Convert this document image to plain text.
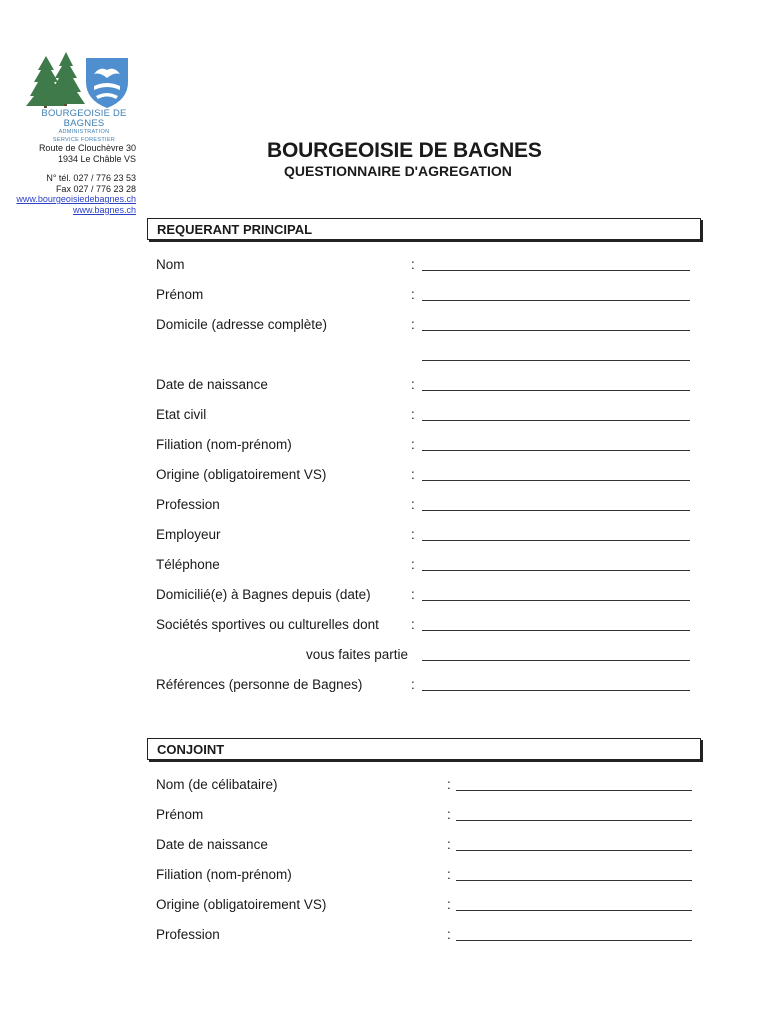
BOURGEOISIE DE BAGNES
ADMINISTRATION
SERVICE FORESTIER
Route de Clouchèvre 30
1934 Le Châble VS
N° tél. 027 / 776 23 53
Fax 027 / 776 23 28
www.bourgeoisiedebagnes.ch
www.bagnes.ch
BOURGEOISIE DE BAGNES
QUESTIONNAIRE D'AGREGATION
REQUERANT PRINCIPAL
Nom	:
Prénom	:
Domicile (adresse complète)	:
Date de naissance	:
Etat civil	:
Filiation (nom-prénom)	:
Origine (obligatoirement VS)	:
Profession	:
Employeur	:
Téléphone	:
Domicilié(e) à Bagnes depuis (date)	:
Sociétés sportives ou culturelles dont :
vous faites partie
Références (personne de Bagnes)	:
CONJOINT
Nom (de célibataire)	:
Prénom	:
Date de naissance	:
Filiation (nom-prénom)	:
Origine (obligatoirement VS)	:
Profession	:
